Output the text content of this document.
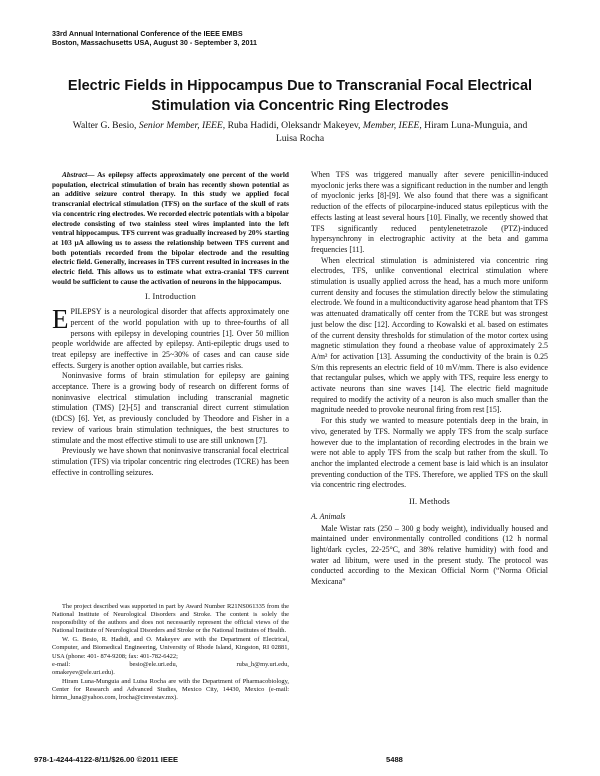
33rd Annual International Conference of the IEEE EMBS
Boston, Massachusetts USA, August 30 - September 3, 2011
Electric Fields in Hippocampus Due to Transcranial Focal Electrical
Stimulation via Concentric Ring Electrodes
Walter G. Besio, Senior Member, IEEE, Ruba Hadidi, Oleksandr Makeyev, Member, IEEE, Hiram Luna-Munguia, and Luisa Rocha

Abstract— As epilepsy affects approximately one percent of the world population, electrical stimulation of brain has recently shown potential as an additive seizure control therapy. In this study we applied focal transcranial electrical stimulation (TFS) on the surface of the skull of rats via concentric ring electrodes. We recorded electric potentials with a bipolar electrode consisting of two stainless steel wires implanted into the left ventral hippocampus. TFS current was gradually increased by 20% starting at 103 µA allowing us to assess the relationship between TFS current and both potentials recorded from the bipolar electrode and the resulting electric field. Generally, increases in TFS current resulted in increases in the electric field. This allows us to estimate what extra-cranial TFS current would be sufficient to cause the activation of neurons in the hippocampus.

I. Introduction

EPILEPSY is a neurological disorder that affects approximately one percent of the world population with up to three-fourths of all persons with epilepsy in developing countries [1]. Over 50 million people worldwide are affected by epilepsy. Anti-epileptic drugs used to treat epilepsy are ineffective in 25~30% of cases and can cause side effects. Surgery is another option available, but carries risks.

Noninvasive forms of brain stimulation for epilepsy are gaining acceptance. There is a growing body of research on different forms of noninvasive electrical stimulation including transcranial magnetic stimulation (TMS) [2]-[5] and transcranial direct current stimulation (tDCS) [6]. Yet, as previously concluded by Theodore and Fisher in a review of various brain stimulation techniques, the best structures to stimulate and the most effective stimuli to use are still unknown [7].

Previously we have shown that noninvasive transcranial focal electrical stimulation (TFS) via tripolar concentric ring electrodes (TCRE) has been effective in controlling seizures.

The project described was supported in part by Award Number R21NS061335 from the National Institute of Neurological Disorders and Stroke. The content is solely the responsibility of the authors and does not necessarily represent the official views of the National Institute of Neurological Disorders and Stroke or the National Institutes of Health.

W. G. Besio, R. Hadidi, and O. Makeyev are with the Department of Electrical, Computer, and Biomedical Engineering, University of Rhode Island, Kingston, RI 02881, USA (phone: 401- 874-9208; fax: 401-782-6422;
e-mail:	besio@ele.uri.edu,	ruba_h@my.uri.edu,
omakeyev@ele.uri.edu).

Hiram Luna-Munguia and Luisa Rocha are with the Department of Pharmacobiology, Center for Research and Advanced Studies, Mexico City, 14430, Mexico (e-mail: hirmn_luna@yahoo.com, lrocha@cinvestav.mx).

When TFS was triggered manually after severe penicillin-induced myoclonic jerks there was a significant reduction in the number and length of myoclonic jerks [8]-[9]. We also found that there was a significant reduction of the effects of pilocarpine-induced status epilepticus with the effects lasting at least several hours [10]. Finally, we recently showed that TFS significantly reduced pentylenetetrazole (PTZ)-induced hypersynchrony in electrographic activity at the beta and gamma frequencies [11].

When electrical stimulation is administered via concentric ring electrodes, TFS, unlike conventional electrical stimulation where stimulation is usually applied across the head, has a much more uniform current density and focuses the stimulation directly below the stimulating electrode. We found in a multiconductivity agarose head phantom that TFS was attenuated dramatically off center from the TCRE but was strongest just below the disc [12]. According to Kowalski et al. based on estimates of the current density thresholds for stimulation of the motor cortex using magnetic stimulation they found a rheobase value of approximately 2.5 A/m² for activation [13]. Assuming the conductivity of the brain is 0.25 S/m this represents an electric field of 10 mV/mm. There is also evidence that rectangular pulses, which we apply with TFS, require less energy to activate neurons than sine waves [14]. The electric field magnitude required to modify the activity of a neuron is also much smaller than the magnitude needed to provoke neuronal firing from rest [15].

For this study we wanted to measure potentials deep in the brain, in vivo, generated by TFS. Normally we apply TFS from the scalp surface however due to the implantation of recording electrodes in the brain we were not able to apply TFS from the scalp but rather from the skull. To anchor the implanted electrode a cement base is laid which is an insulator preventing conduction of the TFS. Therefore, we applied TFS on the skull via concentric ring electrodes.

II. Methods
A. Animals

Male Wistar rats (250 – 300 g body weight), individually housed and maintained under environmentally controlled conditions (12 h normal light/dark cycles, 22-25°C, and 38% relative humidity) with food and water ad libitum, were used in the present study. The protocol was conducted according to the Mexican Official Norm (“Norma Oficial Mexicana”

978-1-4244-4122-8/11/$26.00 ©2011 IEEE	5488
